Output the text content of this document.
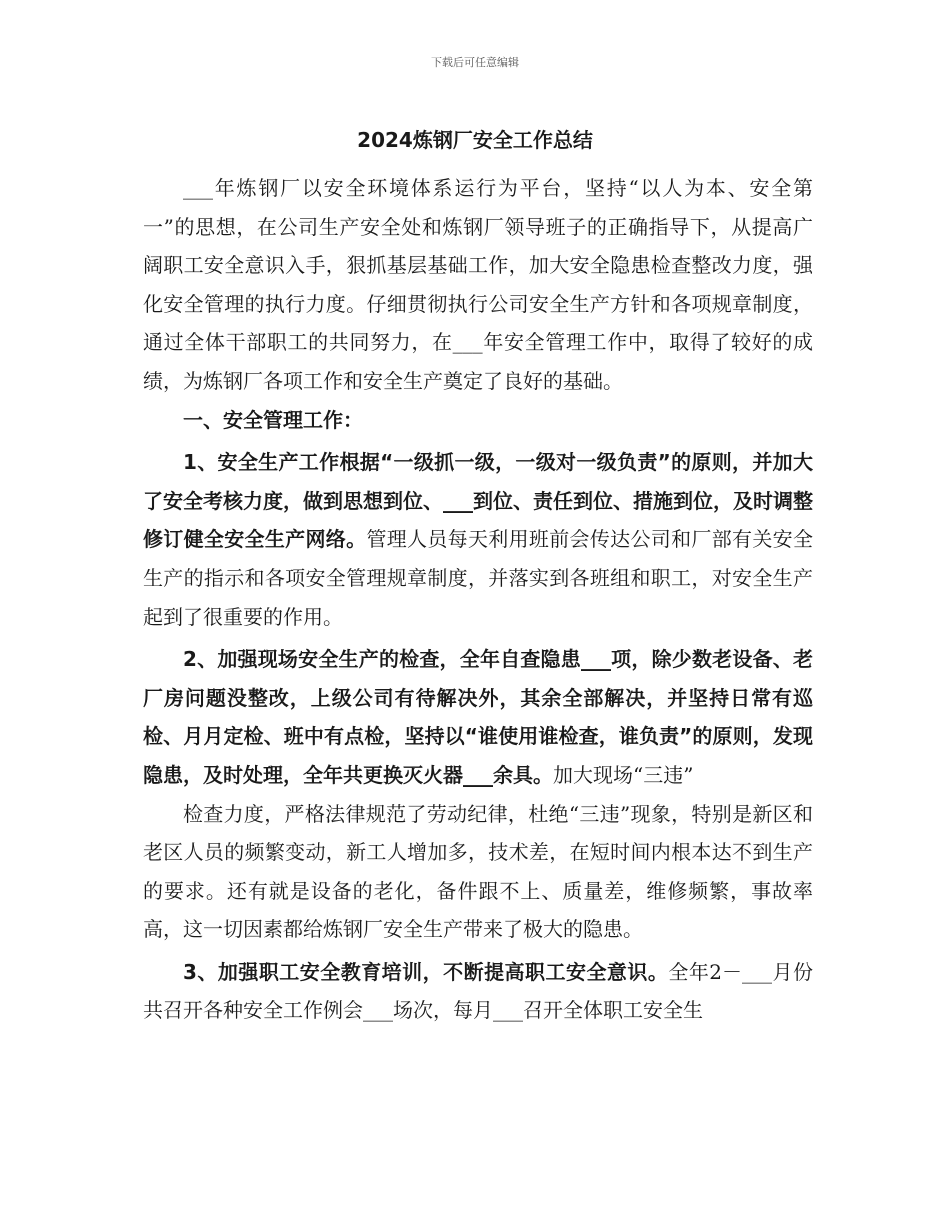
下载后可任意编辑
2024炼钢厂安全工作总结

___年炼钢厂以安全环境体系运行为平台，坚持“以人为本、安全第一”的思想，在公司生产安全处和炼钢厂领导班子的正确指导下，从提高广阔职工安全意识入手，狠抓基层基础工作，加大安全隐患检查整改力度，强化安全管理的执行力度。仔细贯彻执行公司安全生产方针和各项规章制度，通过全体干部职工的共同努力，在___年安全管理工作中，取得了较好的成绩，为炼钢厂各项工作和安全生产奠定了良好的基础。

一、安全管理工作：

1、安全生产工作根据“一级抓一级，一级对一级负责”的原则，并加大了安全考核力度，做到思想到位、___到位、责任到位、措施到位，及时调整修订健全安全生产网络。管理人员每天利用班前会传达公司和厂部有关安全生产的指示和各项安全管理规章制度，并落实到各班组和职工，对安全生产起到了很重要的作用。

2、加强现场安全生产的检查，全年自查隐患___项，除少数老设备、老厂房问题没整改，上级公司有待解决外，其余全部解决，并坚持日常有巡检、月月定检、班中有点检，坚持以“谁使用谁检查，谁负责”的原则，发现隐患，及时处理，全年共更换灭火器___余具。加大现场“三违”

检查力度，严格法律规范了劳动纪律，杜绝“三违”现象，特别是新区和老区人员的频繁变动，新工人增加多，技术差，在短时间内根本达不到生产的要求。还有就是设备的老化，备件跟不上、质量差，维修频繁，事故率高，这一切因素都给炼钢厂安全生产带来了极大的隐患。

3、加强职工安全教育培训，不断提高职工安全意识。全年2－___月份共召开各种安全工作例会___场次，每月___召开全体职工安全生
